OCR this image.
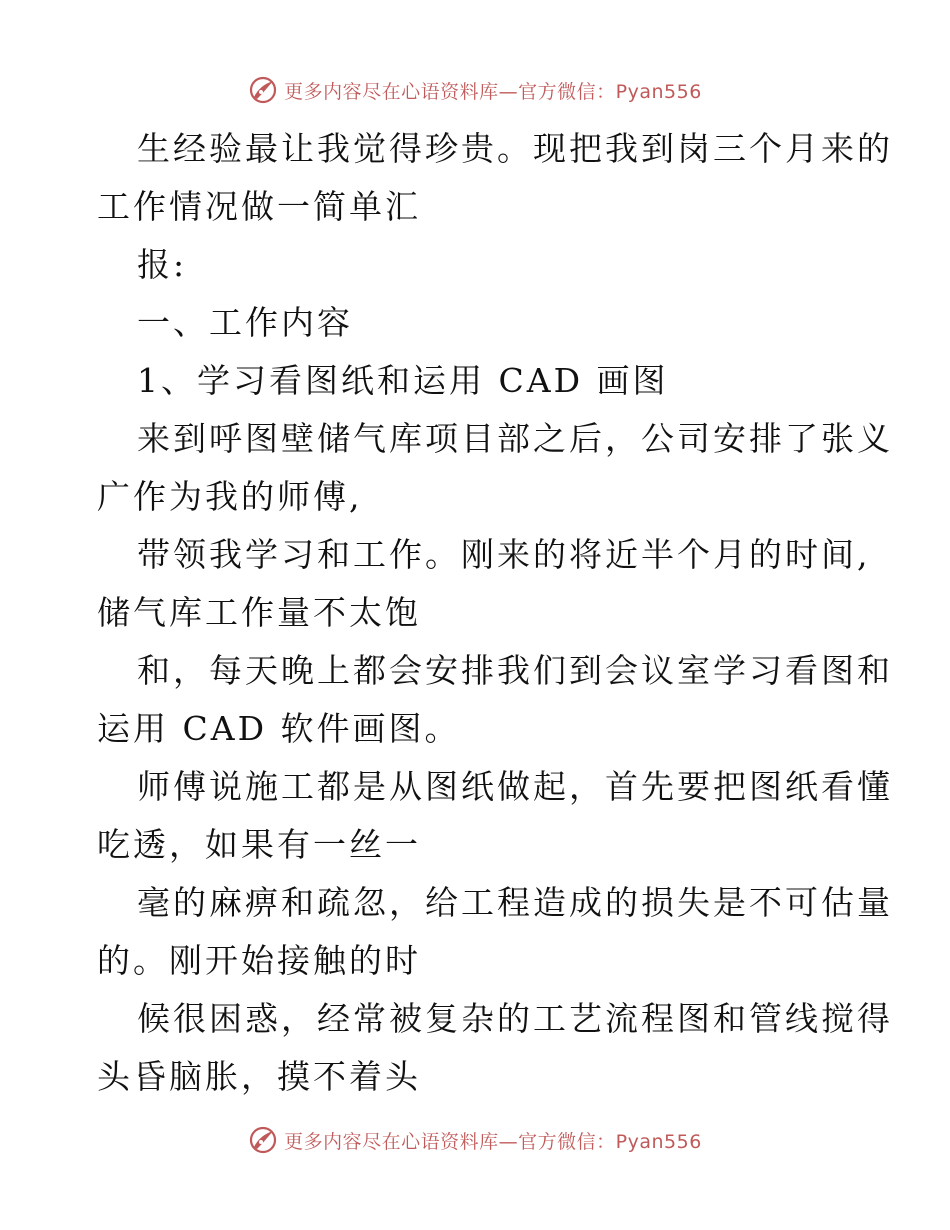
更多内容尽在心语资料库—官方微信：Pyan556
生经验最让我觉得珍贵。现把我到岗三个月来的
工作情况做一简单汇
报:
一、工作内容
1、学习看图纸和运用 CAD 画图
来到呼图壁储气库项目部之后，公司安排了张义
广作为我的师傅,
带领我学习和工作。刚来的将近半个月的时间,
储气库工作量不太饱
和，每天晚上都会安排我们到会议室学习看图和
运用 CAD 软件画图。
师傅说施工都是从图纸做起，首先要把图纸看懂
吃透，如果有一丝一
毫的麻痹和疏忽，给工程造成的损失是不可估量
的。刚开始接触的时
候很困惑，经常被复杂的工艺流程图和管线搅得
头昏脑胀，摸不着头
更多内容尽在心语资料库—官方微信：Pyan556
